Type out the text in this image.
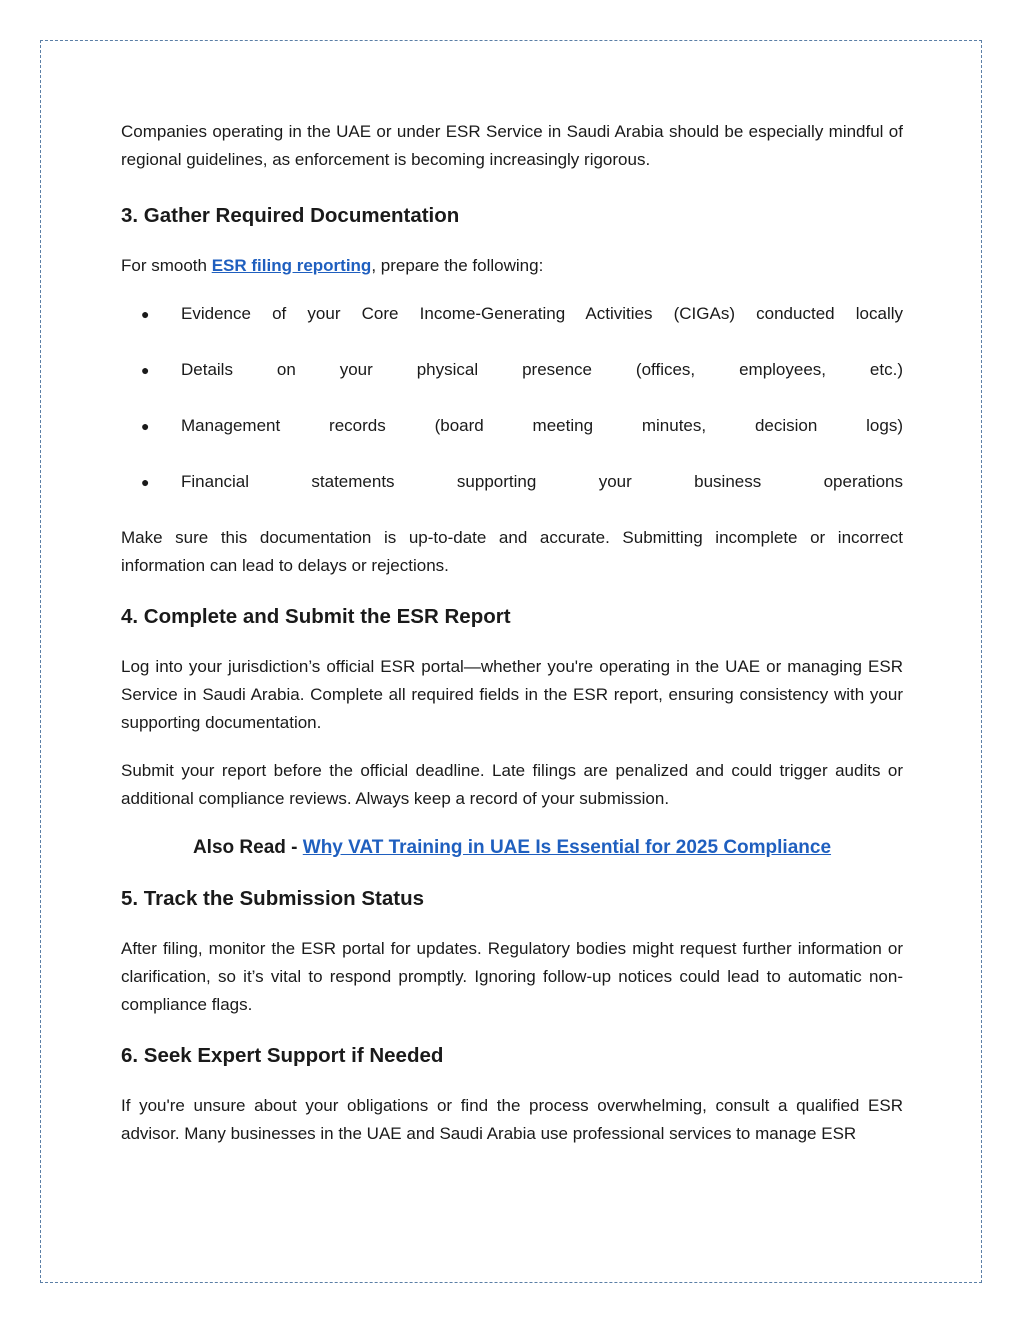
Companies operating in the UAE or under ESR Service in Saudi Arabia should be especially mindful of regional guidelines, as enforcement is becoming increasingly rigorous.

3. Gather Required Documentation

For smooth ESR filing reporting, prepare the following:

● Evidence of your Core Income-Generating Activities (CIGAs) conducted locally
● Details on your physical presence (offices, employees, etc.)
● Management records (board meeting minutes, decision logs)
● Financial statements supporting your business operations

Make sure this documentation is up-to-date and accurate. Submitting incomplete or incorrect information can lead to delays or rejections.

4. Complete and Submit the ESR Report

Log into your jurisdiction’s official ESR portal—whether you're operating in the UAE or managing ESR Service in Saudi Arabia. Complete all required fields in the ESR report, ensuring consistency with your supporting documentation.

Submit your report before the official deadline. Late filings are penalized and could trigger audits or additional compliance reviews. Always keep a record of your submission.

Also Read - Why VAT Training in UAE Is Essential for 2025 Compliance

5. Track the Submission Status

After filing, monitor the ESR portal for updates. Regulatory bodies might request further information or clarification, so it’s vital to respond promptly. Ignoring follow-up notices could lead to automatic non-compliance flags.

6. Seek Expert Support if Needed

If you're unsure about your obligations or find the process overwhelming, consult a qualified ESR advisor. Many businesses in the UAE and Saudi Arabia use professional services to manage ESR
